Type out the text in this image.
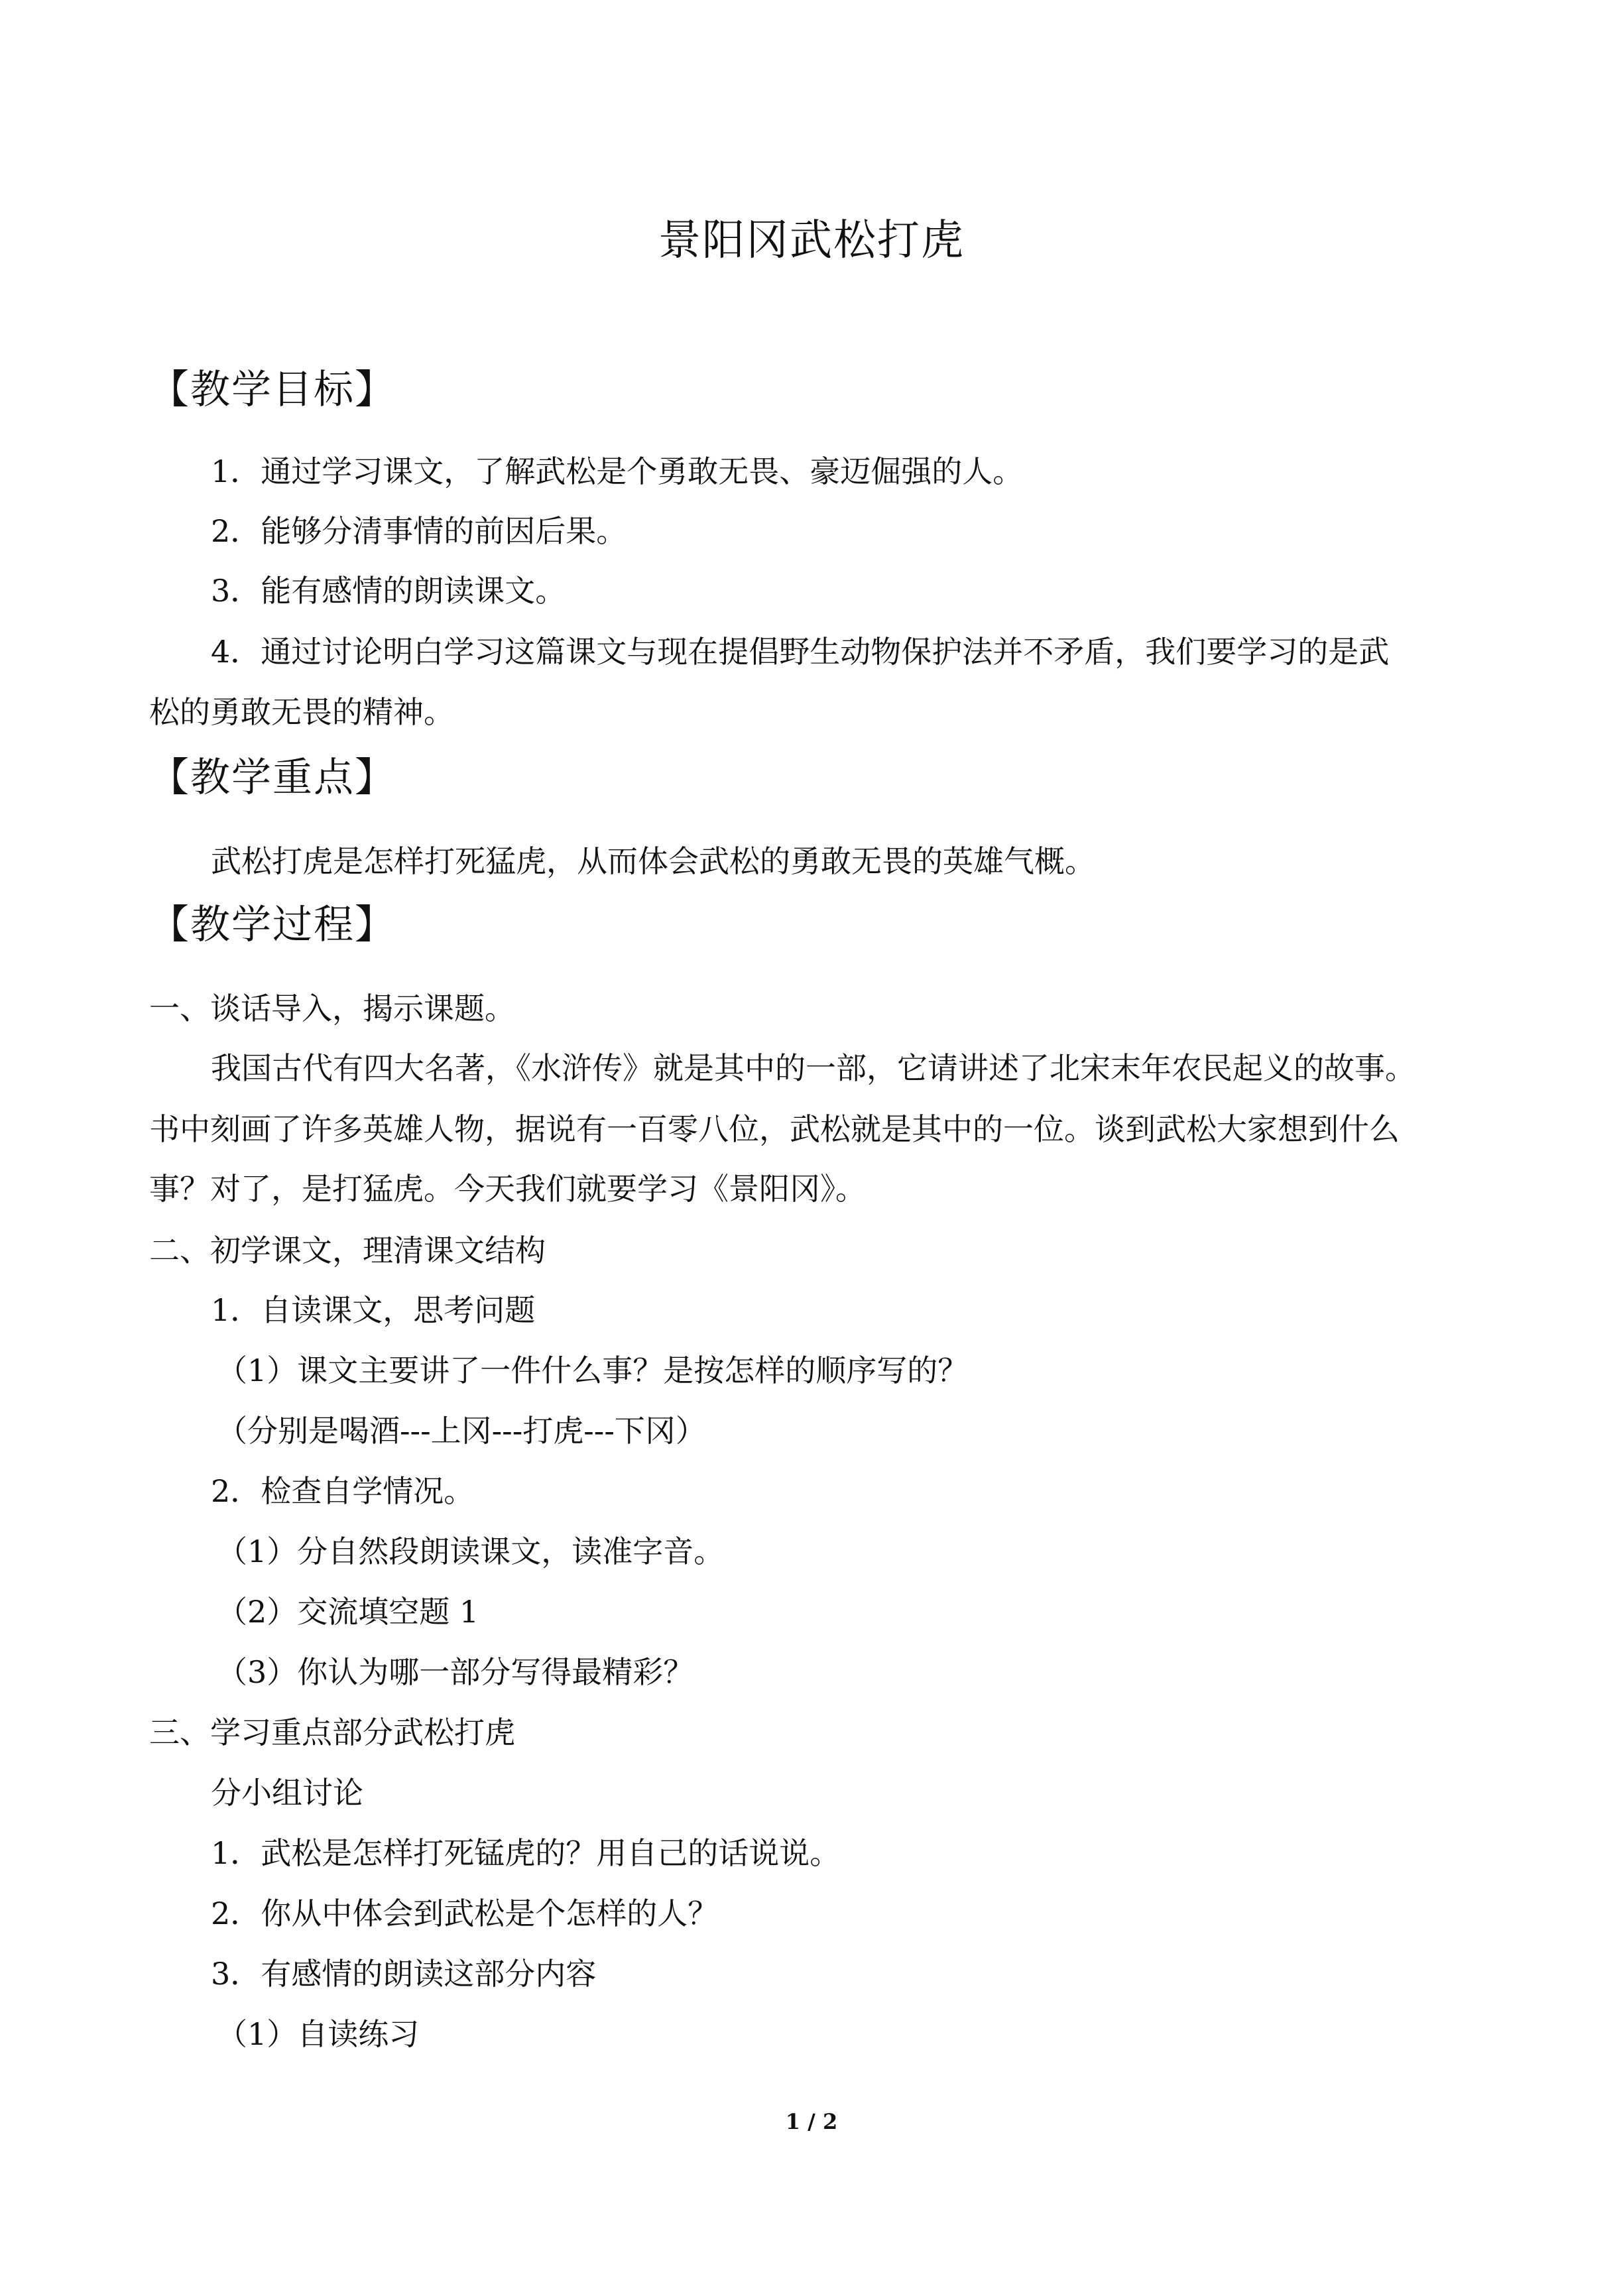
景阳冈武松打虎
【教学目标】
1．通过学习课文，了解武松是个勇敢无畏、豪迈倔强的人。
2．能够分清事情的前因后果。
3．能有感情的朗读课文。
4．通过讨论明白学习这篇课文与现在提倡野生动物保护法并不矛盾，我们要学习的是武
松的勇敢无畏的精神。
【教学重点】
武松打虎是怎样打死猛虎，从而体会武松的勇敢无畏的英雄气概。
【教学过程】
一、谈话导入，揭示课题。
我国古代有四大名著，《水浒传》就是其中的一部，它请讲述了北宋末年农民起义的故事。
书中刻画了许多英雄人物，据说有一百零八位，武松就是其中的一位。谈到武松大家想到什么
事？对了，是打猛虎。今天我们就要学习《景阳冈》。
二、初学课文，理清课文结构
1．自读课文，思考问题
（1）课文主要讲了一件什么事？是按怎样的顺序写的？
（分别是喝酒---上冈---打虎---下冈）
2．检查自学情况。
（1）分自然段朗读课文，读准字音。
（2）交流填空题 1
（3）你认为哪一部分写得最精彩？
三、学习重点部分武松打虎
分小组讨论
1．武松是怎样打死锰虎的？用自己的话说说。
2．你从中体会到武松是个怎样的人？
3．有感情的朗读这部分内容
（1）自读练习
1 / 2
